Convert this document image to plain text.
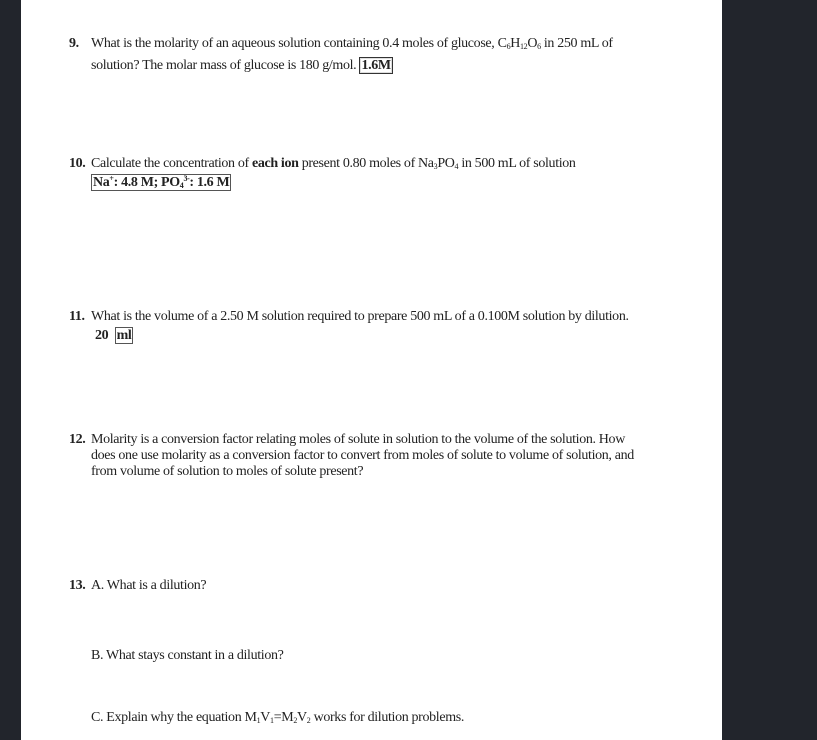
9. What is the molarity of an aqueous solution containing 0.4 moles of glucose, $C_6H_{12}O_6$ in 250 mL of
solution? The molar mass of glucose is 180 g/mol. 1.6M
10. Calculate the concentration of each ion present 0.80 moles of $Na_3PO_4$ in 500 mL of solution
Na+: 4.8 M; $PO_4^{3-}$: 1.6 M
11. What is the volume of a 2.50 M solution required to prepare 500 mL of a 0.100M solution by dilution.
20 ml
12. Molarity is a conversion factor relating moles of solute in solution to the volume of the solution. How
does one use molarity as a conversion factor to convert from moles of solute to volume of solution, and
from volume of solution to moles of solute present?
13. A. What is a dilution?
B. What stays constant in a dilution?
C. Explain why the equation $M_1V_1=M_2V_2$ works for dilution problems.
